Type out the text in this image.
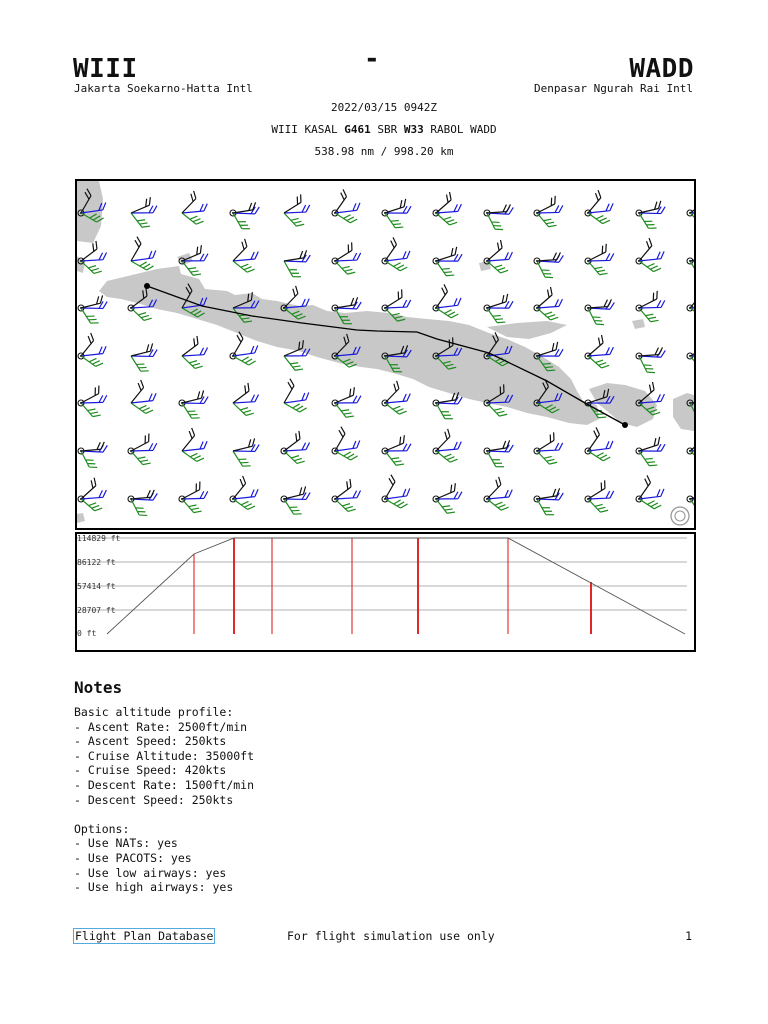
WIII
Jakarta Soekarno-Hatta Intl
-	WADD
Denpasar Ngurah Rai Intl
2022/03/15 0942Z
WIII KASAL G461 SBR W33 RABOL WADD
538.98 nm / 998.20 km
114829 ft
86122 ft
57414 ft
28707 ft
0 ft
Notes
Basic altitude profile:
- Ascent Rate: 2500ft/min
- Ascent Speed: 250kts
- Cruise Altitude: 35000ft
- Cruise Speed: 420kts
- Descent Rate: 1500ft/min
- Descent Speed: 250kts
Options:
- Use NATs: yes
- Use PACOTS: yes
- Use low airways: yes
- Use high airways: yes
Flight Plan Database	For flight simulation use only	1
